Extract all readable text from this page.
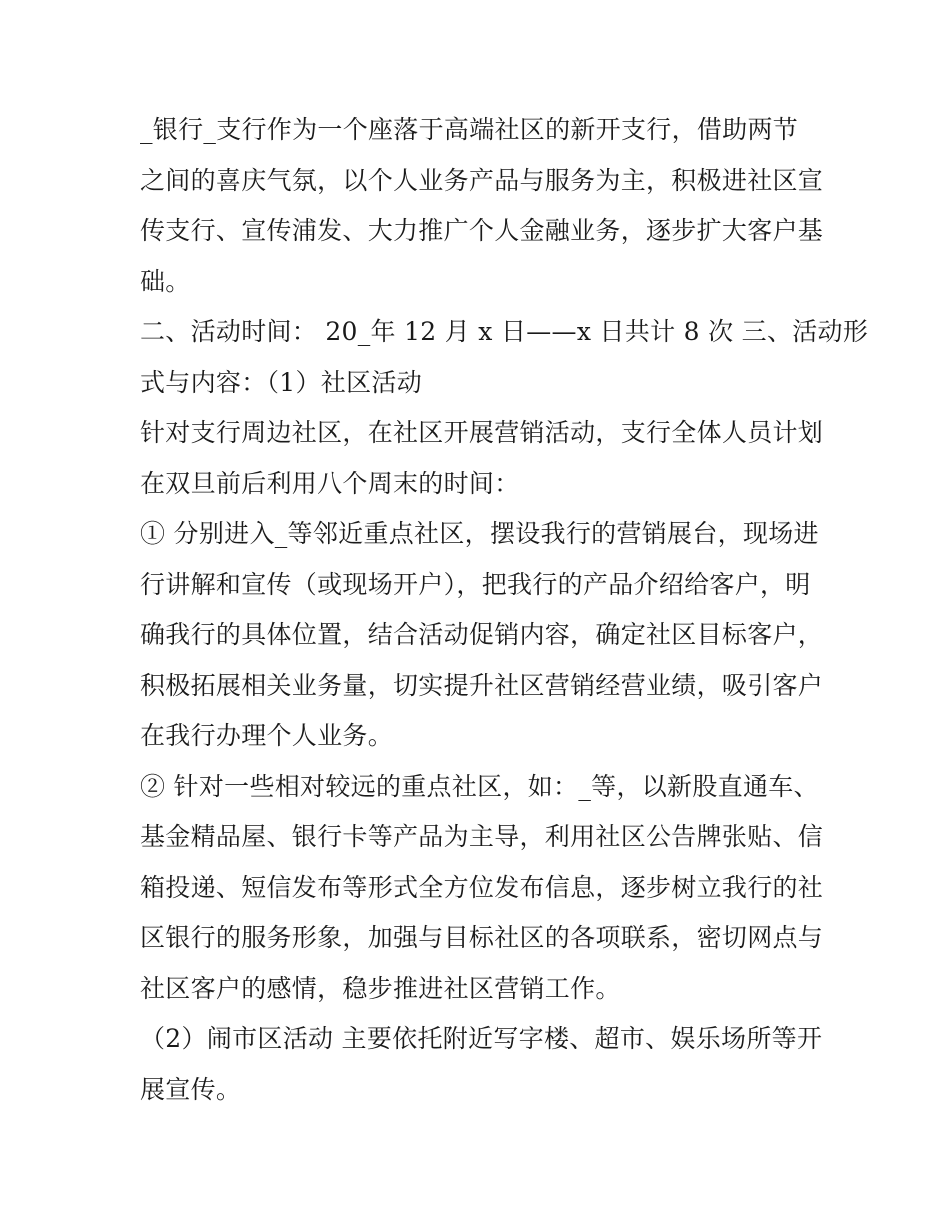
_银行_支行作为一个座落于高端社区的新开支行，借助两节
之间的喜庆气氛，以个人业务产品与服务为主，积极进社区宣
传支行、宣传浦发、大力推广个人金融业务，逐步扩大客户基
础。
二、活动时间： 20_年 12 月 x 日——x 日共计 8 次 三、活动形
式与内容：（1）社区活动
针对支行周边社区，在社区开展营销活动，支行全体人员计划
在双旦前后利用八个周末的时间：
① 分别进入_等邻近重点社区，摆设我行的营销展台，现场进
行讲解和宣传（或现场开户），把我行的产品介绍给客户，明
确我行的具体位置，结合活动促销内容，确定社区目标客户，
积极拓展相关业务量，切实提升社区营销经营业绩，吸引客户
在我行办理个人业务。
② 针对一些相对较远的重点社区，如：_等，以新股直通车、
基金精品屋、银行卡等产品为主导，利用社区公告牌张贴、信
箱投递、短信发布等形式全方位发布信息，逐步树立我行的社
区银行的服务形象，加强与目标社区的各项联系，密切网点与
社区客户的感情，稳步推进社区营销工作。
（2）闹市区活动 主要依托附近写字楼、超市、娱乐场所等开
展宣传。
